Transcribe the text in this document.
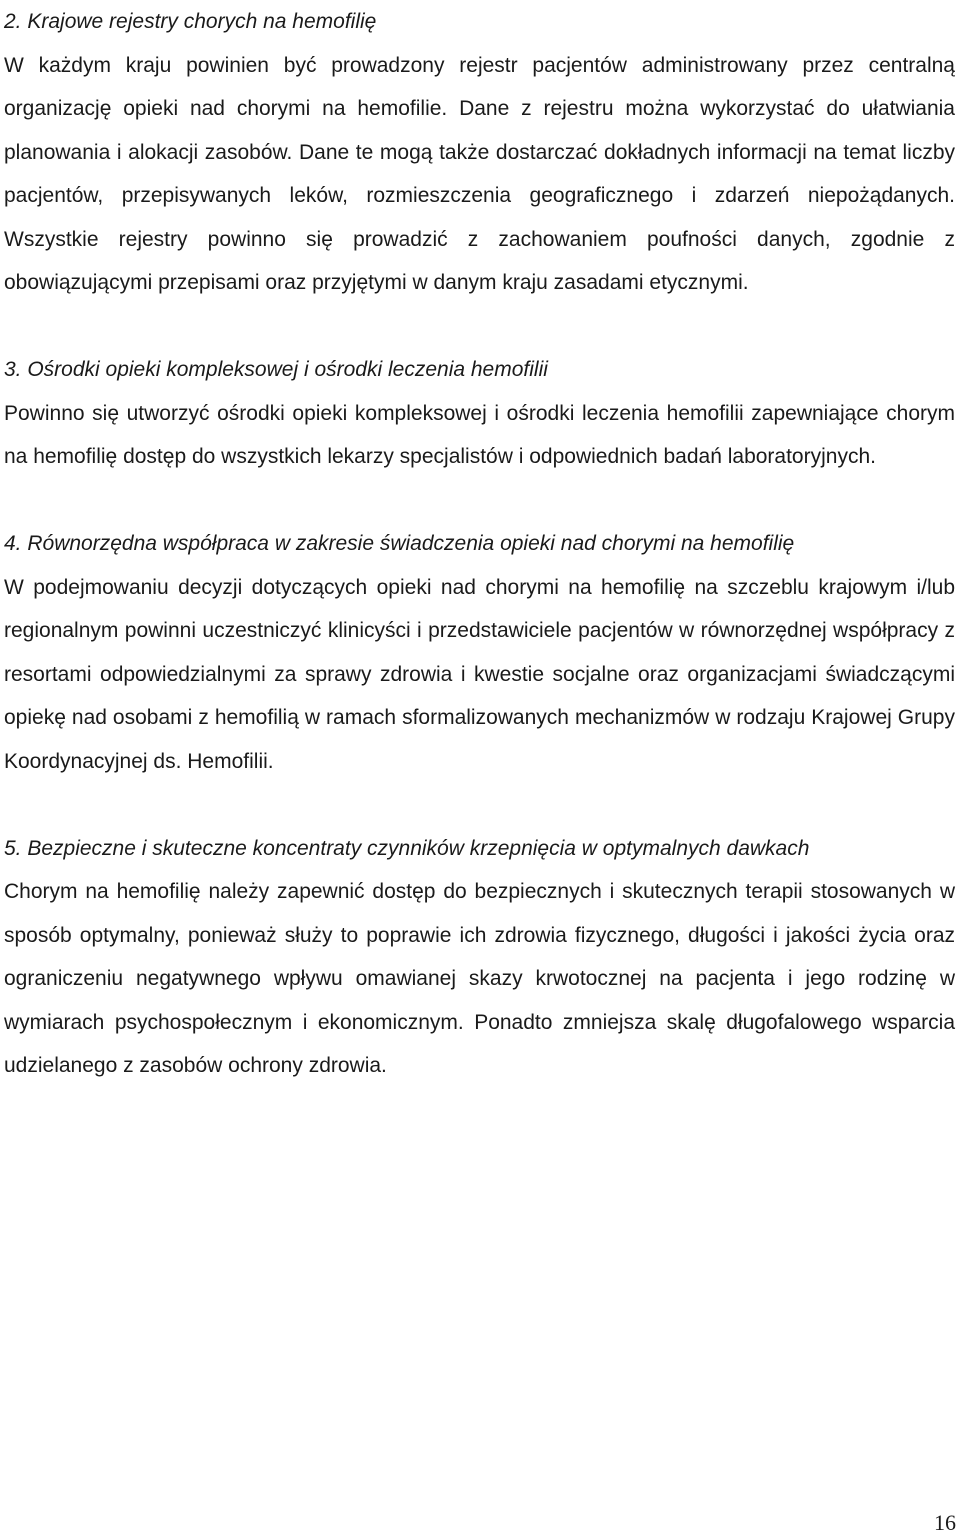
2. Krajowe rejestry chorych na hemofilię

W każdym kraju powinien być prowadzony rejestr pacjentów administrowany przez centralną organizację opieki nad chorymi na hemofilie. Dane z rejestru można wykorzystać do ułatwiania planowania i alokacji zasobów. Dane te mogą także dostarczać dokładnych informacji na temat liczby pacjentów, przepisywanych leków, rozmieszczenia geograficznego i zdarzeń niepożądanych. Wszystkie rejestry powinno się prowadzić z zachowaniem poufności danych, zgodnie z obowiązującymi przepisami oraz przyjętymi w danym kraju zasadami etycznymi.

3. Ośrodki opieki kompleksowej i ośrodki leczenia hemofilii

Powinno się utworzyć ośrodki opieki kompleksowej i ośrodki leczenia hemofilii zapewniające chorym na hemofilię dostęp do wszystkich lekarzy specjalistów i odpowiednich badań laboratoryjnych.

4. Równorzędna współpraca w zakresie świadczenia opieki nad chorymi na hemofilię

W podejmowaniu decyzji dotyczących opieki nad chorymi na hemofilię na szczeblu krajowym i/lub regionalnym powinni uczestniczyć klinicyści i przedstawiciele pacjentów w równorzędnej współpracy z resortami odpowiedzialnymi za sprawy zdrowia i kwestie socjalne oraz organizacjami świadczącymi opiekę nad osobami z hemofilią w ramach sformalizowanych mechanizmów w rodzaju Krajowej Grupy Koordynacyjnej ds. Hemofilii.

5. Bezpieczne i skuteczne koncentraty czynników krzepnięcia w optymalnych dawkach

Chorym na hemofilię należy zapewnić dostęp do bezpiecznych i skutecznych terapii stosowanych w sposób optymalny, ponieważ służy to poprawie ich zdrowia fizycznego, długości i jakości życia oraz ograniczeniu negatywnego wpływu omawianej skazy krwotocznej na pacjenta i jego rodzinę w wymiarach psychospołecznym i ekonomicznym. Ponadto zmniejsza skalę długofalowego wsparcia udzielanego z zasobów ochrony zdrowia.

16
